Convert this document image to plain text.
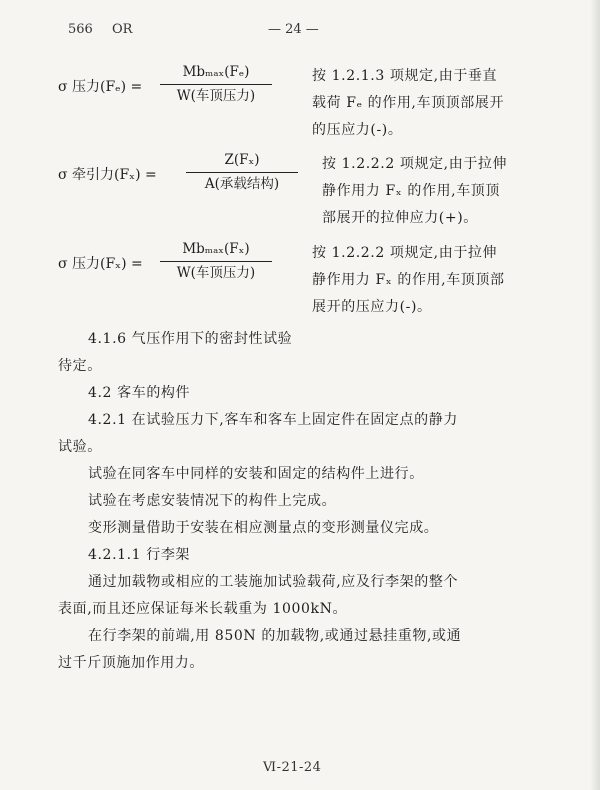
566 OR	— 24 —
σ 压力(Fₑ) =
Mbₘₐₓ(Fₑ)
W(车顶压力)
按 1.2.1.3 项规定,由于垂直
载荷 Fₑ 的作用,车顶顶部展开
的压应力(-)。
σ 牵引力(Fₓ) =
Z(Fₓ)
A(承载结构)
按 1.2.2.2 项规定,由于拉伸
静作用力 Fₓ 的作用,车顶顶
部展开的拉伸应力(+)。
σ 压力(Fₓ) =
Mbₘₐₓ(Fₓ)
W(车顶压力)
按 1.2.2.2 项规定,由于拉伸
静作用力 Fₓ 的作用,车顶顶部
展开的压应力(-)。
4.1.6 气压作用下的密封性试验
待定。
4.2 客车的构件
4.2.1 在试验压力下,客车和客车上固定件在固定点的静力
试验。
试验在同客车中同样的安装和固定的结构件上进行。
试验在考虑安装情况下的构件上完成。
变形测量借助于安装在相应测量点的变形测量仪完成。
4.2.1.1 行李架
通过加载物或相应的工装施加试验载荷,应及行李架的整个
表面,而且还应保证每米长载重为 1000kN。
在行李架的前端,用 850N 的加载物,或通过悬挂重物,或通
过千斤顶施加作用力。
Ⅵ-21-24
